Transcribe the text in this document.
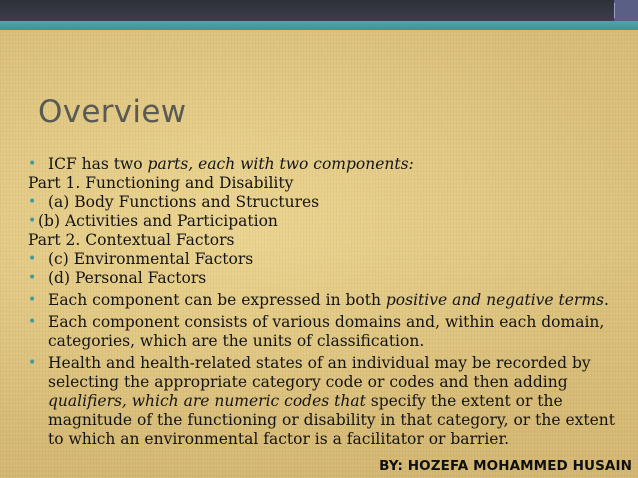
Overview
• ICF has two parts, each with two components:
Part 1. Functioning and Disability
• (a) Body Functions and Structures
• (b) Activities and Participation
Part 2. Contextual Factors
• (c) Environmental Factors
• (d) Personal Factors
• Each component can be expressed in both positive and negative terms.
• Each component consists of various domains and, within each domain, categories, which are the units of classification.
• Health and health-related states of an individual may be recorded by selecting the appropriate category code or codes and then adding qualifiers, which are numeric codes that specify the extent or the magnitude of the functioning or disability in that category, or the extent to which an environmental factor is a facilitator or barrier.
BY: HOZEFA MOHAMMED HUSAIN
